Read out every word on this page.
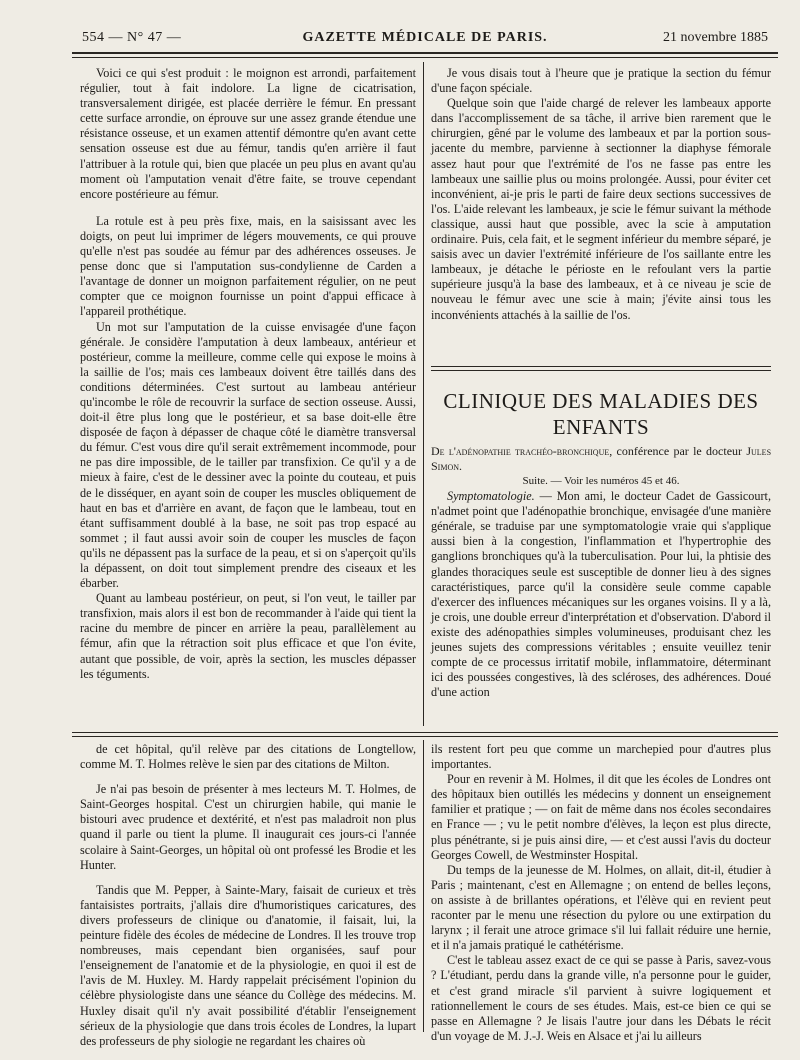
554 — N° 47 —	GAZETTE MÉDICALE DE PARIS.	21 novembre 1885

Voici ce qui s'est produit : le moignon est arrondi, parfaitement régulier, tout à fait indolore. La ligne de cicatrisation, transversalement dirigée, est placée derrière le fémur. En pressant cette surface arrondie, on éprouve sur une assez grande étendue une résistance osseuse, et un examen attentif démontre qu'en avant cette sensation osseuse est due au fémur, tandis qu'en arrière il faut l'attribuer à la rotule qui, bien que placée un peu plus en avant qu'au moment où l'amputation venait d'être faite, se trouve cependant encore postérieure au fémur.

La rotule est à peu près fixe, mais, en la saisissant avec les doigts, on peut lui imprimer de légers mouvements, ce qui prouve qu'elle n'est pas soudée au fémur par des adhérences osseuses. Je pense donc que si l'amputation sus-condylienne de Carden a l'avantage de donner un moignon parfaitement régulier, on ne peut compter que ce moignon fournisse un point d'appui efficace à l'appareil prothétique.

Un mot sur l'amputation de la cuisse envisagée d'une façon générale. Je considère l'amputation à deux lambeaux, antérieur et postérieur, comme la meilleure, comme celle qui expose le moins à la saillie de l'os; mais ces lambeaux doivent être taillés dans des conditions déterminées. C'est surtout au lambeau antérieur qu'incombe le rôle de recouvrir la surface de section osseuse. Aussi, doit-il être plus long que le postérieur, et sa base doit-elle être disposée de façon à dépasser de chaque côté le diamètre transversal du fémur. C'est vous dire qu'il serait extrêmement incommode, pour ne pas dire impossible, de le tailler par transfixion. Ce qu'il y a de mieux à faire, c'est de le dessiner avec la pointe du couteau, et puis de le disséquer, en ayant soin de couper les muscles obliquement de haut en bas et d'arrière en avant, de façon que le lambeau, tout en étant suffisamment doublé à la base, ne soit pas trop espacé au sommet ; il faut aussi avoir soin de couper les muscles de façon qu'ils ne dépassent pas la surface de la peau, et si on s'aperçoit qu'ils la dépassent, on doit tout simplement prendre des ciseaux et les ébarber.

Quant au lambeau postérieur, on peut, si l'on veut, le tailler par transfixion, mais alors il est bon de recommander à l'aide qui tient la racine du membre de pincer en arrière la peau, parallèlement au fémur, afin que la rétraction soit plus efficace et que l'on évite, autant que possible, de voir, après la section, les muscles dépasser les téguments.

Je vous disais tout à l'heure que je pratique la section du fémur d'une façon spéciale.

Quelque soin que l'aide chargé de relever les lambeaux apporte dans l'accomplissement de sa tâche, il arrive bien rarement que le chirurgien, gêné par le volume des lambeaux et par la portion sous-jacente du membre, parvienne à sectionner la diaphyse fémorale assez haut pour que l'extrémité de l'os ne fasse pas entre les lambeaux une saillie plus ou moins prolongée. Aussi, pour éviter cet inconvénient, ai-je pris le parti de faire deux sections successives de l'os. L'aide relevant les lambeaux, je scie le fémur suivant la méthode classique, aussi haut que possible, avec la scie à amputation ordinaire. Puis, cela fait, et le segment inférieur du membre séparé, je saisis avec un davier l'extrémité inférieure de l'os saillante entre les lambeaux, je détache le périoste en le refoulant vers la partie supérieure jusqu'à la base des lambeaux, et à ce niveau je scie de nouveau le fémur avec une scie à main; j'évite ainsi tous les inconvénients attachés à la saillie de l'os.

CLINIQUE DES MALADIES DES ENFANTS

De l'adénopathie trachéo-bronchique, conférence par le docteur Jules Simon.

Suite. — Voir les numéros 45 et 46.

Symptomatologie. — Mon ami, le docteur Cadet de Gassicourt, n'admet point que l'adénopathie bronchique, envisagée d'une manière générale, se traduise par une symptomatologie vraie qui s'applique aussi bien à la congestion, l'inflammation et l'hypertrophie des ganglions bronchiques qu'à la tuberculisation. Pour lui, la phtisie des glandes thoraciques seule est susceptible de donner lieu à des signes caractéristiques, parce qu'il la considère seule comme capable d'exercer des influences mécaniques sur les organes voisins. Il y a là, je crois, une double erreur d'interprétation et d'observation. D'abord il existe des adénopathies simples volumineuses, produisant chez les jeunes sujets des compressions véritables ; ensuite veuillez tenir compte de ce processus irritatif mobile, inflammatoire, déterminant ici des poussées congestives, là des scléroses, des adhérences. Doué d'une action

de cet hôpital, qu'il relève par des citations de Longtellow, comme M. T. Holmes relève le sien par des citations de Milton.

Je n'ai pas besoin de présenter à mes lecteurs M. T. Holmes, de Saint-Georges hospital. C'est un chirurgien habile, qui manie le bistouri avec prudence et dextérité, et n'est pas maladroit non plus quand il parle ou tient la plume. Il inaugurait ces jours-ci l'année scolaire à Saint-Georges, un hôpital où ont professé les Brodie et les Hunter.

Tandis que M. Pepper, à Sainte-Mary, faisait de curieux et très fantaisistes portraits, j'allais dire d'humoristiques caricatures, des divers professeurs de clinique ou d'anatomie, il faisait, lui, la peinture fidèle des écoles de médecine de Londres. Il les trouve trop nombreuses, mais cependant bien organisées, sauf pour l'enseignement de l'anatomie et de la physiologie, en quoi il est de l'avis de M. Huxley. M. Hardy rappelait précisément l'opinion du célèbre physiologiste dans une séance du Collège des médecins. M. Huxley disait qu'il n'y avait possibilité d'établir l'enseignement sérieux de la physiologie que dans trois écoles de Londres, la lupart des professeurs de phy siologie ne regardant les chaires où

ils restent fort peu que comme un marchepied pour d'autres plus importantes.

Pour en revenir à M. Holmes, il dit que les écoles de Londres ont des hôpitaux bien outillés les médecins y donnent un enseignement familier et pratique ; — on fait de même dans nos écoles secondaires en France — ; vu le petit nombre d'élèves, la leçon est plus directe, plus pénétrante, si je puis ainsi dire, — et c'est aussi l'avis du docteur Georges Cowell, de Westminster Hospital.

Du temps de la jeunesse de M. Holmes, on allait, dit-il, étudier à Paris ; maintenant, c'est en Allemagne ; on entend de belles leçons, on assiste à de brillantes opérations, et l'élève qui en revient peut raconter par le menu une résection du pylore ou une extirpation du larynx ; il ferait une atroce grimace s'il lui fallait réduire une hernie, et il n'a jamais pratiqué le cathétérisme.

C'est le tableau assez exact de ce qui se passe à Paris, savez-vous ? L'étudiant, perdu dans la grande ville, n'a personne pour le guider, et c'est grand miracle s'il parvient à suivre logiquement et rationnellement le cours de ses études. Mais, est-ce bien ce qui se passe en Allemagne ? Je lisais l'autre jour dans les Débats le récit d'un voyage de M. J.-J. Weis en Alsace et j'ai lu ailleurs
